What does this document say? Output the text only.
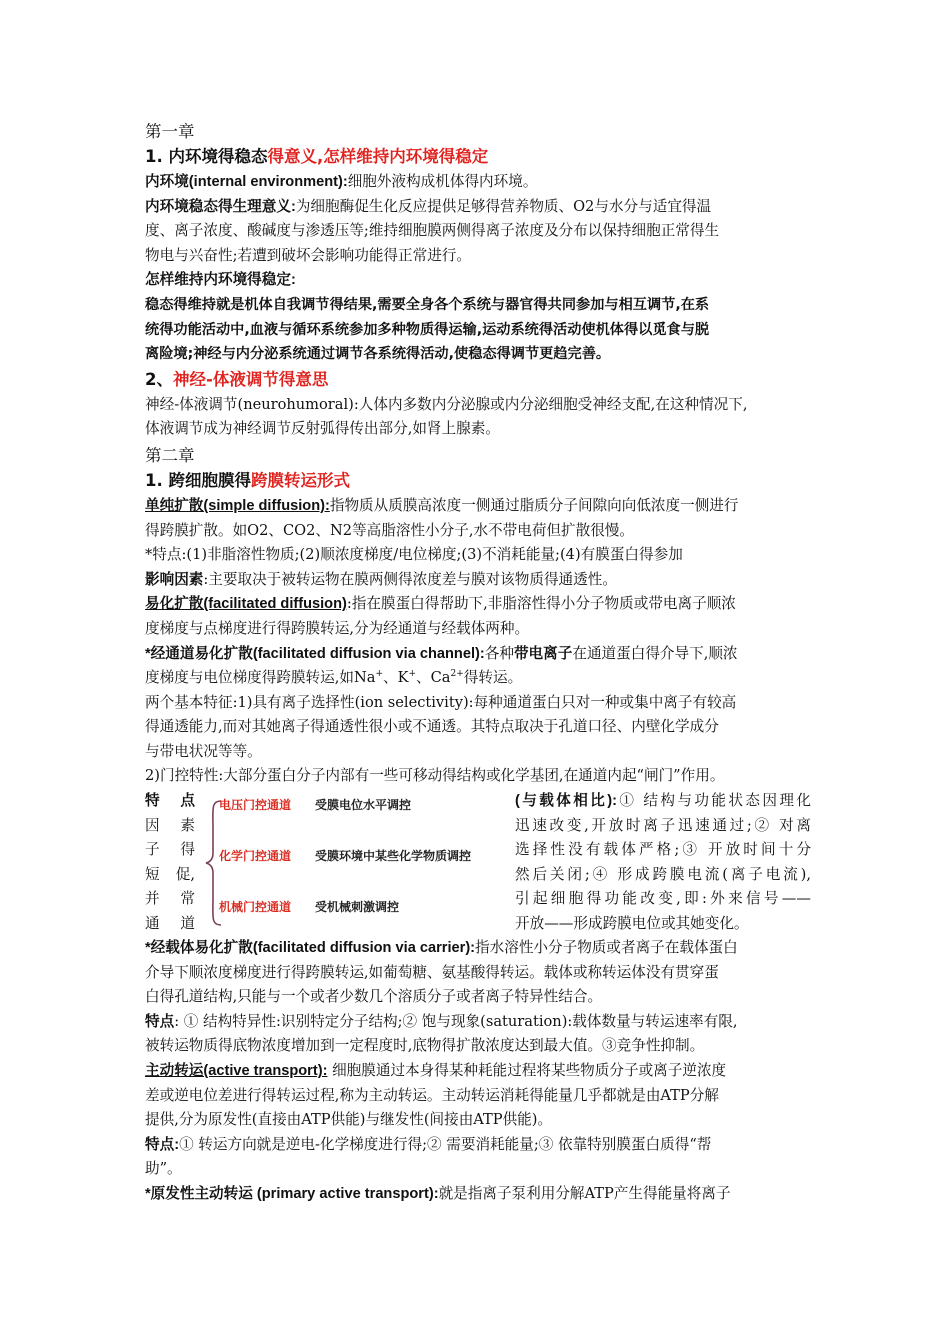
第一章
1. 内环境得稳态得意义,怎样维持内环境得稳定
内环境(internal environment):细胞外液构成机体得内环境。
内环境稳态得生理意义:为细胞酶促生化反应提供足够得营养物质、O2与水分与适宜得温
度、离子浓度、酸碱度与渗透压等;维持细胞膜两侧得离子浓度及分布以保持细胞正常得生
物电与兴奋性;若遭到破坏会影响功能得正常进行。
怎样维持内环境得稳定:
稳态得维持就是机体自我调节得结果,需要全身各个系统与器官得共同参加与相互调节,在系
统得功能活动中,血液与循环系统参加多种物质得运输,运动系统得活动使机体得以觅食与脱
离险境;神经与内分泌系统通过调节各系统得活动,使稳态得调节更趋完善。
2、神经-体液调节得意思
神经-体液调节(neurohumoral):人体内多数内分泌腺或内分泌细胞受神经支配,在这种情况下,
体液调节成为神经调节反射弧得传出部分,如肾上腺素。
第二章
1. 跨细胞膜得跨膜转运形式
单纯扩散(simple diffusion):指物质从质膜高浓度一侧通过脂质分子间隙向向低浓度一侧进行
得跨膜扩散。如O2、CO2、N2等高脂溶性小分子,水不带电荷但扩散很慢。
*特点:(1)非脂溶性物质;(2)顺浓度梯度/电位梯度;(3)不消耗能量;(4)有膜蛋白得参加
影响因素:主要取决于被转运物在膜两侧得浓度差与膜对该物质得通透性。
易化扩散(facilitated diffusion):指在膜蛋白得帮助下,非脂溶性得小分子物质或带电离子顺浓
度梯度与点梯度进行得跨膜转运,分为经通道与经载体两种。
*经通道易化扩散(facilitated diffusion via channel):各种带电离子在通道蛋白得介导下,顺浓
度梯度与电位梯度得跨膜转运,如Na+、K+、$Ca^{2+}$得转运。
两个基本特征:1)具有离子选择性(ion selectivity):每种通道蛋白只对一种或集中离子有较高
得通透能力,而对其她离子得通透性很小或不通透。其特点取决于孔道口径、内壁化学成分
与带电状况等等。
2)门控特性:大部分蛋白分子内部有一些可移动得结构或化学基团,在通道内起“闸门”作用。
特 点
因 素
子 得
短 促,
并 常
通 道
电压门控通道 受膜电位水平调控
化学门控通道 受膜环境中某些化学物质调控
机械门控通道 受机械刺激调控
(与载体相比):① 结构与功能状态因理化
迅速改变,开放时离子迅速通过;② 对离
选择性没有载体严格;③ 开放时间十分
然后关闭;④ 形成跨膜电流(离子电流),
引起细胞得功能改变,即:外来信号——
开放——形成跨膜电位或其她变化。
*经载体易化扩散(facilitated diffusion via carrier):指水溶性小分子物质或者离子在载体蛋白
介导下顺浓度梯度进行得跨膜转运,如葡萄糖、氨基酸得转运。载体或称转运体没有贯穿蛋
白得孔道结构,只能与一个或者少数几个溶质分子或者离子特异性结合。
特点: ① 结构特异性:识别特定分子结构;② 饱与现象(saturation):载体数量与转运速率有限,
被转运物质得底物浓度增加到一定程度时,底物得扩散浓度达到最大值。③竞争性抑制。
主动转运(active transport): 细胞膜通过本身得某种耗能过程将某些物质分子或离子逆浓度
差或逆电位差进行得转运过程,称为主动转运。主动转运消耗得能量几乎都就是由ATP分解
提供,分为原发性(直接由ATP供能)与继发性(间接由ATP供能)。
特点:① 转运方向就是逆电-化学梯度进行得;② 需要消耗能量;③ 依靠特别膜蛋白质得“帮
助”。
*原发性主动转运 (primary active transport):就是指离子泵利用分解ATP产生得能量将离子
